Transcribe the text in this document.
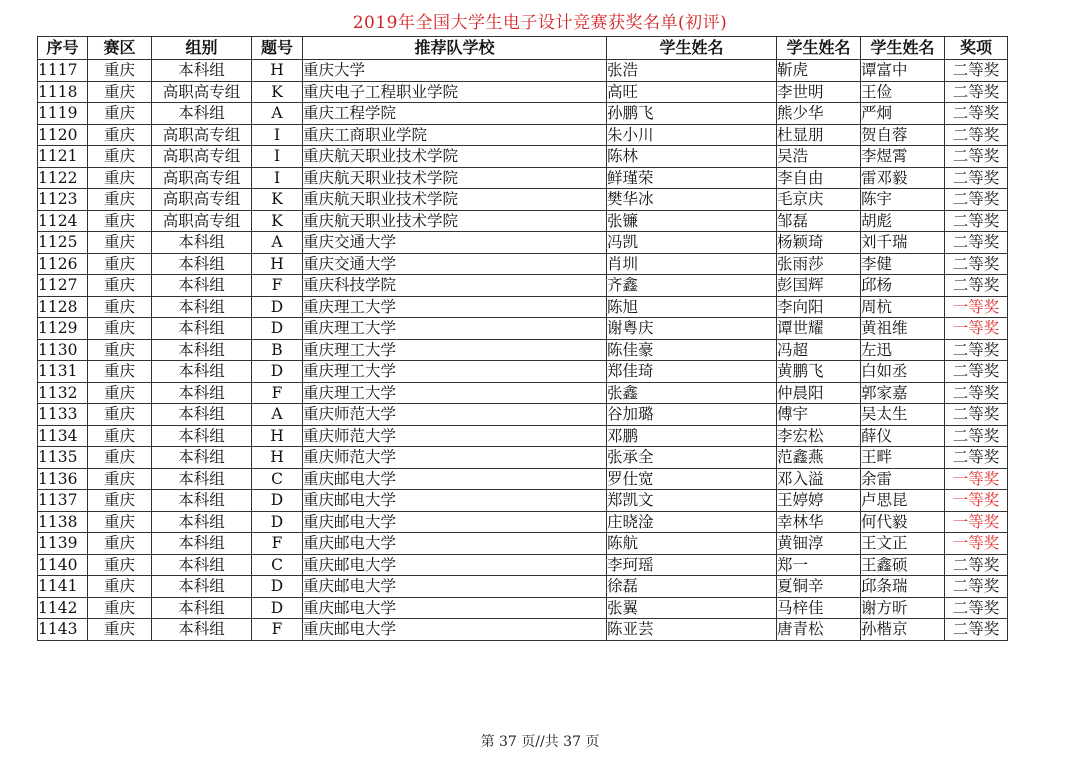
2019年全国大学生电子设计竞赛获奖名单(初评)
序号	赛区	组别	题号	推荐队学校	学生姓名	学生姓名	学生姓名	奖项
1117	重庆	本科组	H	重庆大学	张浩	靳虎	谭富中	二等奖
1118	重庆	高职高专组	K	重庆电子工程职业学院	高旺	李世明	王俭	二等奖
1119	重庆	本科组	A	重庆工程学院	孙鹏飞	熊少华	严炯	二等奖
1120	重庆	高职高专组	I	重庆工商职业学院	朱小川	杜显朋	贺自蓉	二等奖
1121	重庆	高职高专组	I	重庆航天职业技术学院	陈林	吴浩	李煜霄	二等奖
1122	重庆	高职高专组	I	重庆航天职业技术学院	鲜瑾荣	李自由	雷邓毅	二等奖
1123	重庆	高职高专组	K	重庆航天职业技术学院	樊华冰	毛京庆	陈宇	二等奖
1124	重庆	高职高专组	K	重庆航天职业技术学院	张镰	邹磊	胡彪	二等奖
1125	重庆	本科组	A	重庆交通大学	冯凯	杨颖琦	刘千瑞	二等奖
1126	重庆	本科组	H	重庆交通大学	肖圳	张雨莎	李健	二等奖
1127	重庆	本科组	F	重庆科技学院	齐鑫	彭国辉	邱杨	二等奖
1128	重庆	本科组	D	重庆理工大学	陈旭	李向阳	周杭	一等奖
1129	重庆	本科组	D	重庆理工大学	谢粤庆	谭世耀	黄祖维	一等奖
1130	重庆	本科组	B	重庆理工大学	陈佳豪	冯超	左迅	二等奖
1131	重庆	本科组	D	重庆理工大学	郑佳琦	黄鹏飞	白如丞	二等奖
1132	重庆	本科组	F	重庆理工大学	张鑫	仲晨阳	郭家嘉	二等奖
1133	重庆	本科组	A	重庆师范大学	谷加璐	傅宇	吴太生	二等奖
1134	重庆	本科组	H	重庆师范大学	邓鹏	李宏松	薛仪	二等奖
1135	重庆	本科组	H	重庆师范大学	张承全	范鑫燕	王畔	二等奖
1136	重庆	本科组	C	重庆邮电大学	罗仕宽	邓入溢	余雷	一等奖
1137	重庆	本科组	D	重庆邮电大学	郑凯文	王婷婷	卢思昆	一等奖
1138	重庆	本科组	D	重庆邮电大学	庄晓淦	幸林华	何代毅	一等奖
1139	重庆	本科组	F	重庆邮电大学	陈航	黄钿淳	王文正	一等奖
1140	重庆	本科组	C	重庆邮电大学	李珂瑶	郑一	王鑫硕	二等奖
1141	重庆	本科组	D	重庆邮电大学	徐磊	夏铜辛	邱条瑞	二等奖
1142	重庆	本科组	D	重庆邮电大学	张翼	马梓佳	谢方昕	二等奖
1143	重庆	本科组	F	重庆邮电大学	陈亚芸	唐青松	孙楷京	二等奖
第 37 页//共 37 页
